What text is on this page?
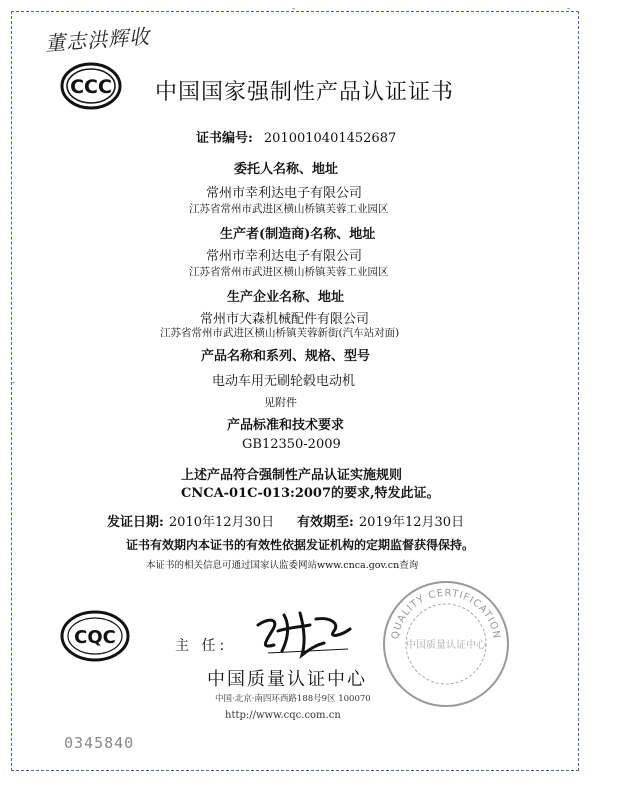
董志洪辉收
CCC 中国国家强制性产品认证证书
证书编号: 2010010401452687
委托人名称、地址
常州市幸利达电子有限公司
江苏省常州市武进区横山桥镇芙蓉工业园区
生产者(制造商)名称、地址
常州市幸利达电子有限公司
江苏省常州市武进区横山桥镇芙蓉工业园区
生产企业名称、地址
常州市大森机械配件有限公司
江苏省常州市武进区横山桥镇芙蓉新街(汽车站对面)
产品名称和系列、规格、型号
电动车用无刷轮毂电动机
见附件
产品标准和技术要求
GB12350-2009
上述产品符合强制性产品认证实施规则
CNCA-01C-013:2007的要求,特发此证。
发证日期: 2010年12月30日 有效期至: 2019年12月30日
证书有效期内本证书的有效性依据发证机构的定期监督获得保持。
本证书的相关信息可通过国家认监委网站www.cnca.gov.cn查询
CQC	主 任:
中国质量认证中心
中国·北京·南四环西路188号9区 100070
http://www.cqc.com.cn
QUALITY CERTIFICATION
中国质量认证中心
0345840
-
-	-
